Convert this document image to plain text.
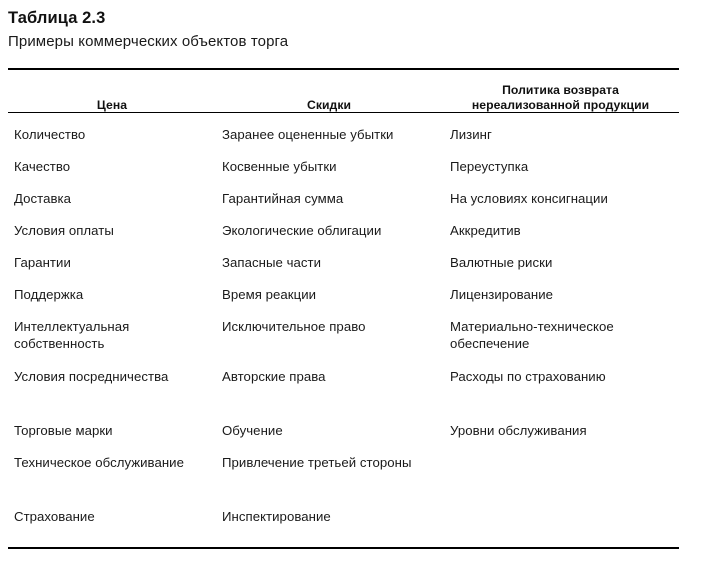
Таблица 2.3
Примеры коммерческих объектов торга
Цена	Скидки	Политика возврата
нереализованной продукции

Количество	Заранее оцененные убытки	Лизинг

Качество	Косвенные убытки	Переуступка

Доставка	Гарантийная сумма	На условиях консигнации

Условия оплаты	Экологические облигации	Аккредитив

Гарантии	Запасные части	Валютные риски

Поддержка	Время реакции	Лицензирование

Интеллектуальная собственность	Исключительное право	Материально-техническое обеспечение

Условия посредничества	Авторские права	Расходы по страхованию

Торговые марки	Обучение	Уровни обслуживания

Техническое обслуживание	Привлечение третьей стороны	

Страхование	Инспектирование	
